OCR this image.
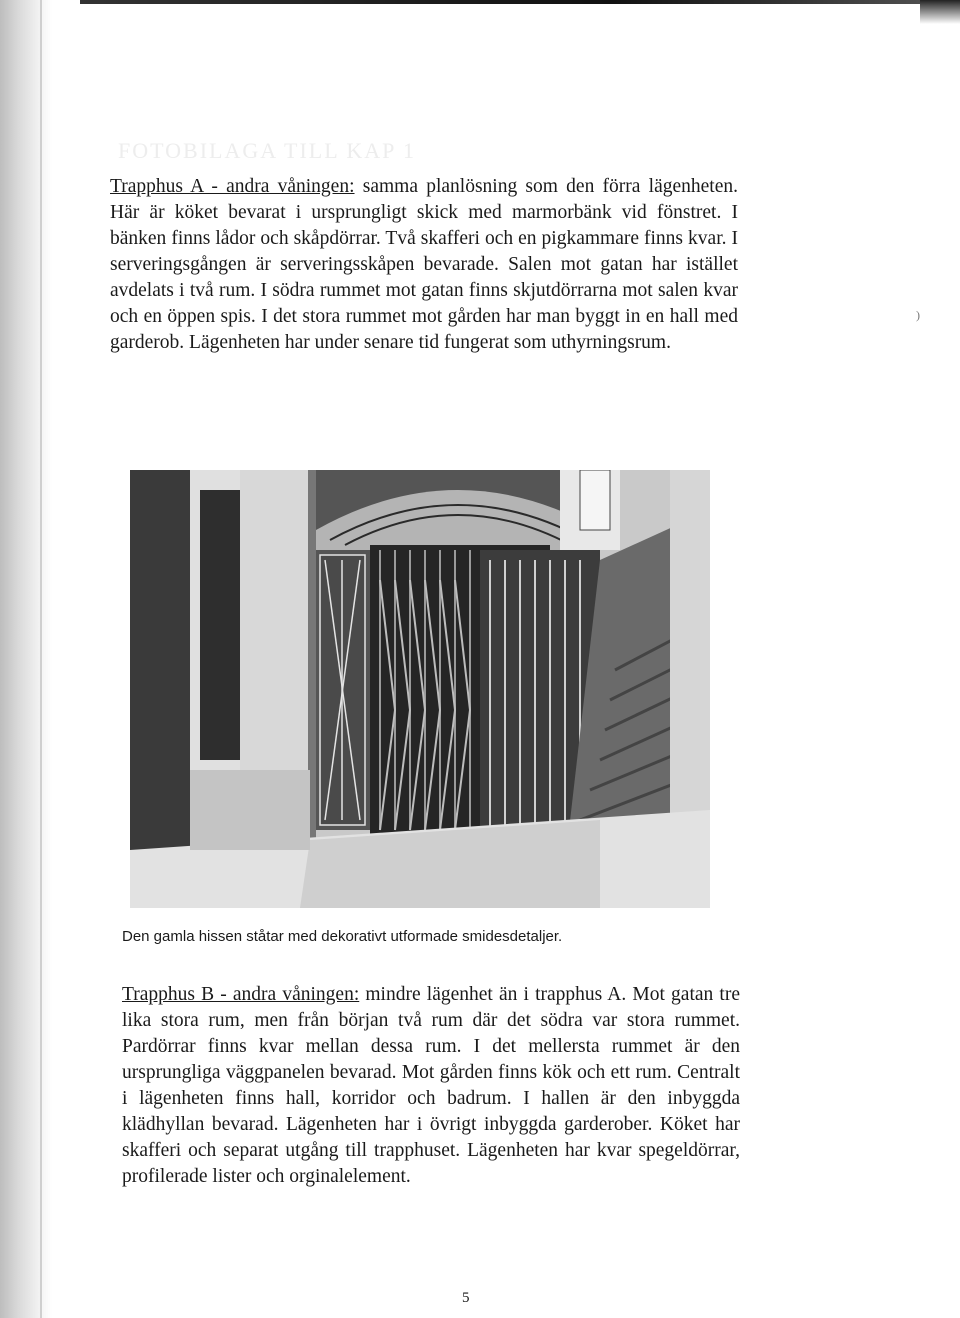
FOTOBILAGA TILL KAP 1
Trapphus A - andra våningen: samma planlösning som den förra lägenheten. Här är köket bevarat i ursprungligt skick med marmorbänk vid fönstret. I bänken finns lådor och skåpdörrar. Två skafferi och en pigkammare finns kvar. I serveringsgången är serveringsskåpen bevarade. Salen mot gatan har istället avdelats i två rum. I södra rummet mot gatan finns skjutdörrarna mot salen kvar och en öppen spis. I det stora rummet mot gården har man byggt in en hall med garderob. Lägenheten har under senare tid fungerat som uthyrningsrum.
Den gamla hissen ståtar med dekorativt utformade smidesdetaljer.
Trapphus B - andra våningen: mindre lägenhet än i trapphus A. Mot gatan tre lika stora rum, men från början två rum där det södra var stora rummet. Pardörrar finns kvar mellan dessa rum. I det mellersta rummet är den ursprungliga väggpanelen bevarad. Mot gården finns kök och ett rum. Centralt i lägenheten finns hall, korridor och badrum. I hallen är den inbyggda klädhyllan bevarad. Lägenheten har i övrigt inbyggda garderober. Köket har skafferi och separat utgång till trapphuset. Lägenheten har kvar spegeldörrar, profilerade lister och orginalelement.
)
5
